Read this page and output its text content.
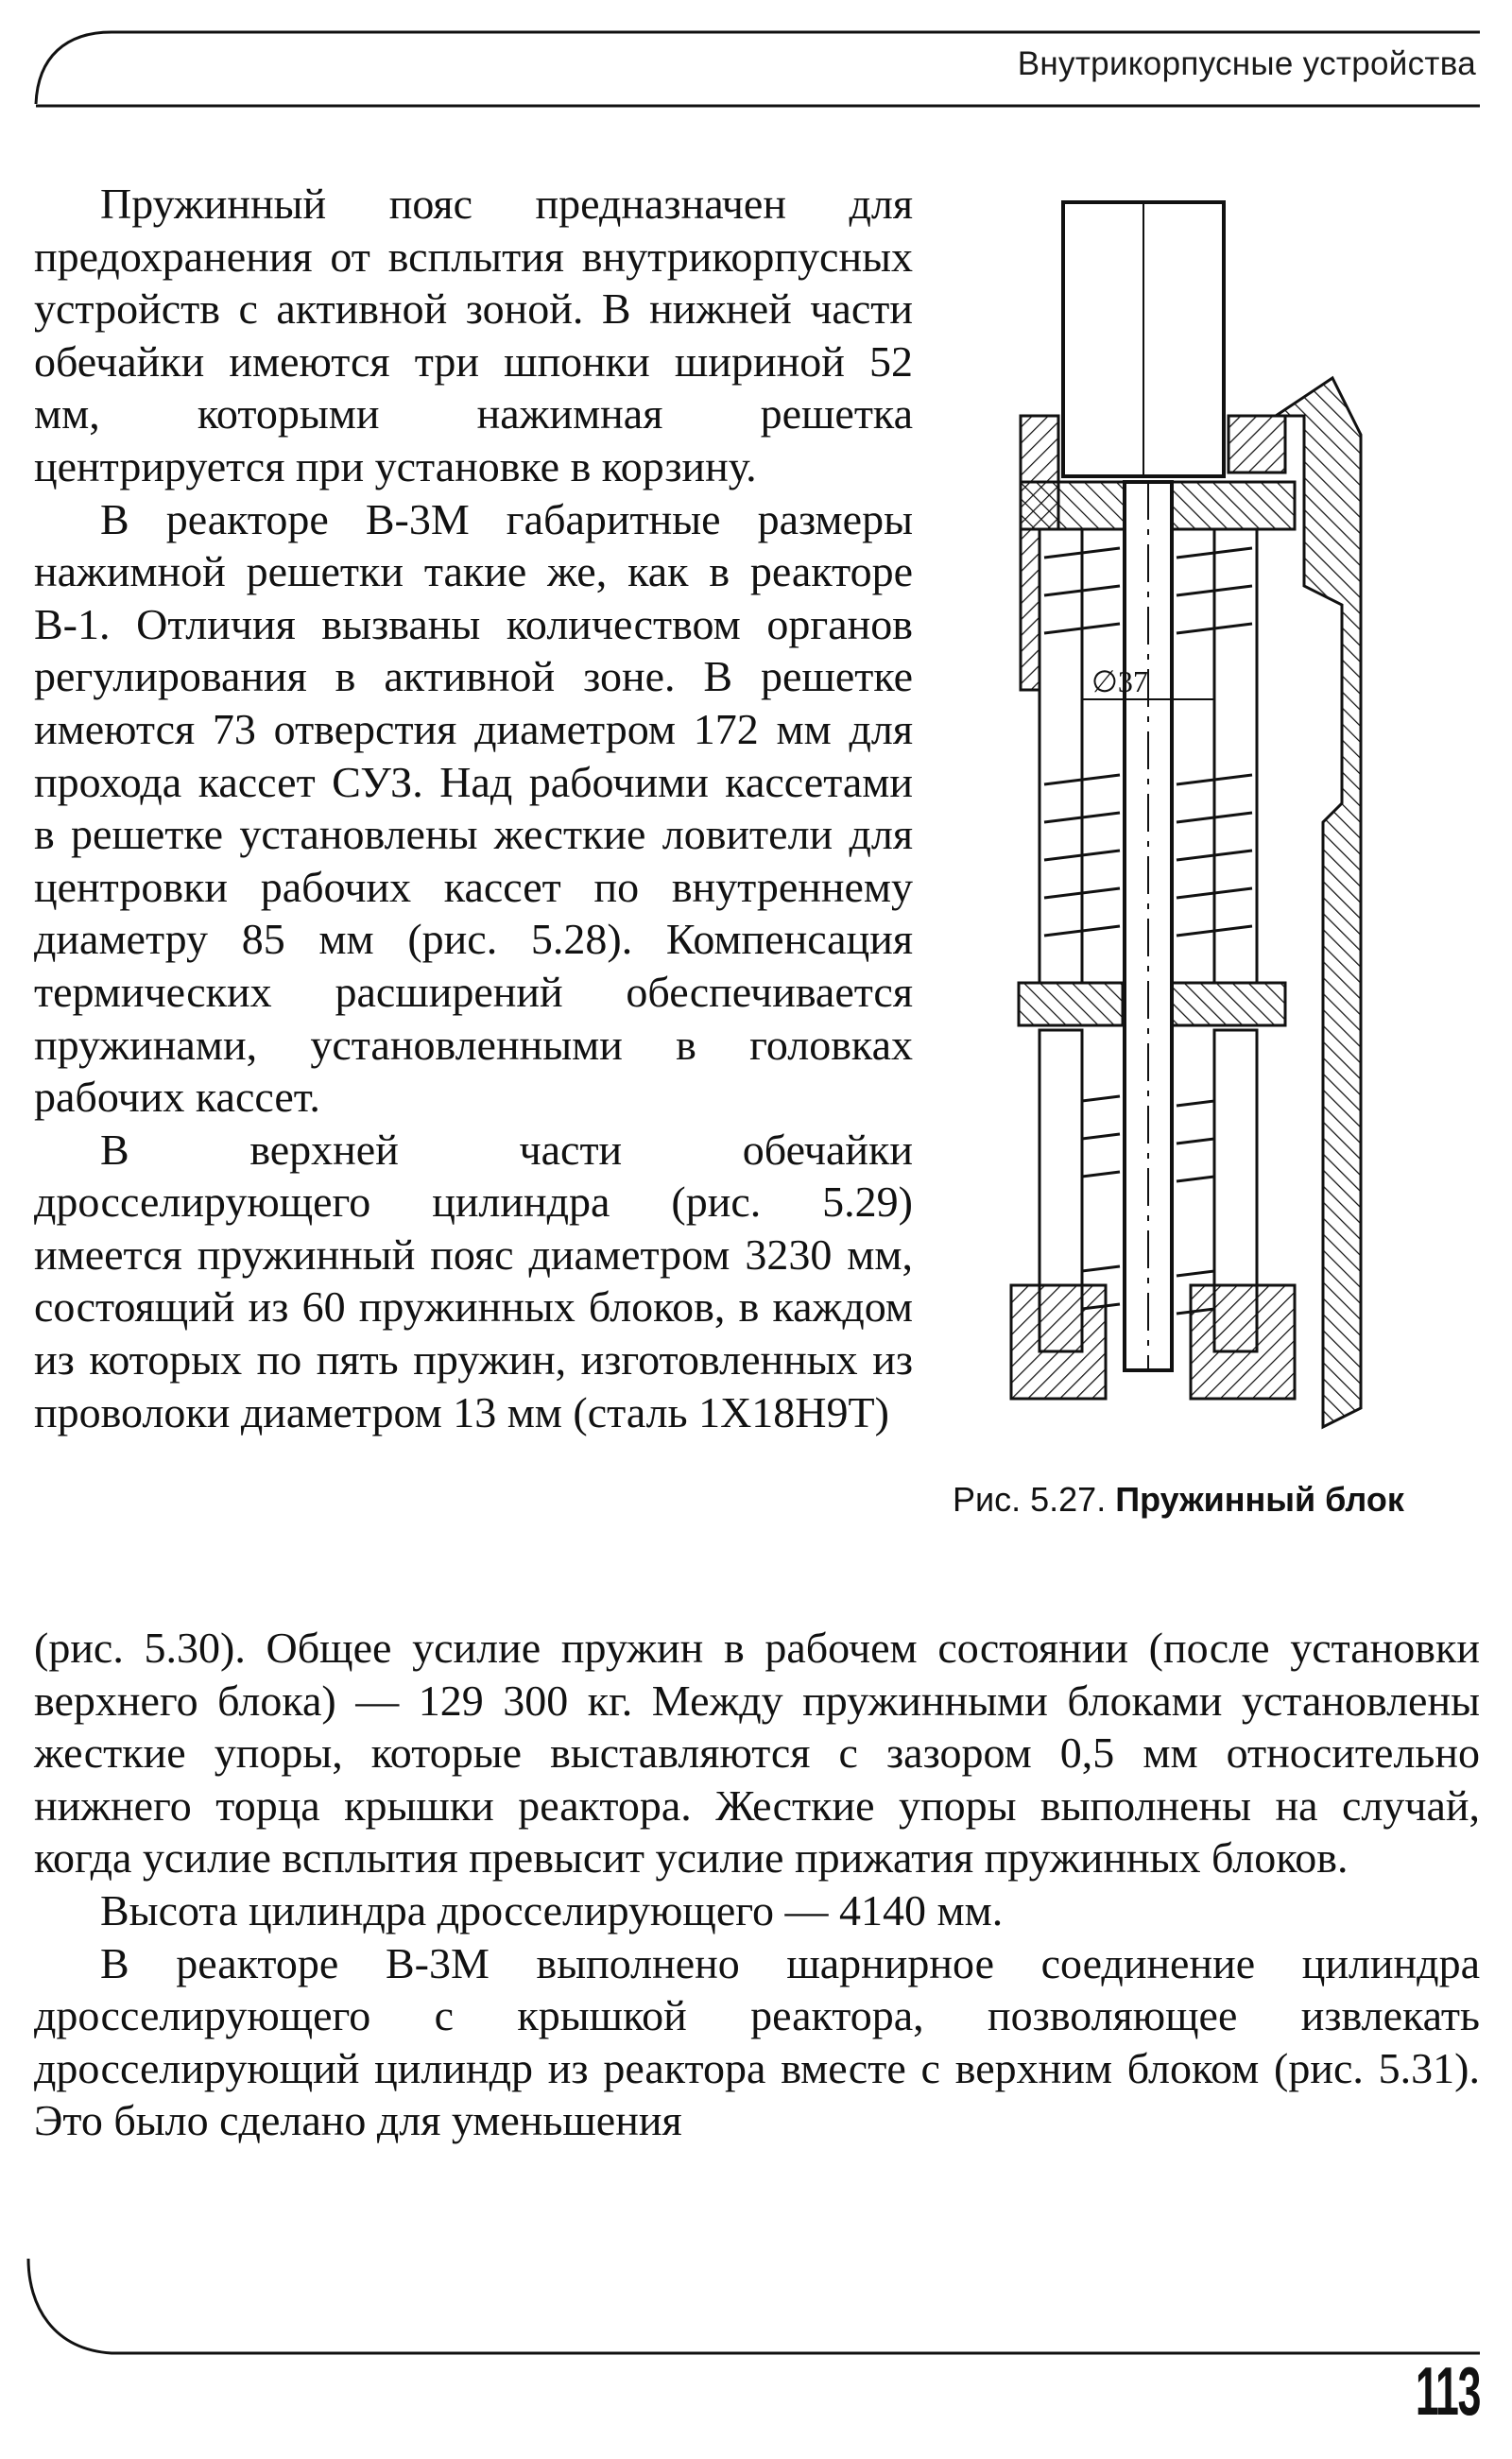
Внутрикорпусные устройства

Пружинный пояс предназначен для предохранения от всплытия внутрикорпусных устройств с активной зоной. В нижней части обечайки имеются три шпонки шириной 52 мм, которыми нажимная решетка центрируется при установке в корзину.

В реакторе В-3М габаритные размеры нажимной решетки такие же, как в реакторе В-1. Отличия вызваны количеством органов регулирования в активной зоне. В решетке имеются 73 отверстия диаметром 172 мм для прохода кассет СУЗ. Над рабочими кассетами в решетке установлены жесткие ловители для центровки рабочих кассет по внутреннему диаметру 85 мм (рис. 5.28). Компенсация термических расширений обеспечивается пружинами, установленными в головках рабочих кассет.

В верхней части обечайки дросселирующего цилиндра (рис. 5.29) имеется пружинный пояс диаметром 3230 мм, состоящий из 60 пружинных блоков, в каждом из которых по пять пружин, изготовленных из проволоки диаметром 13 мм (сталь 1Х18Н9Т)

∅37
Рис. 5.27. Пружинный блок

(рис. 5.30). Общее усилие пружин в рабочем состоянии (после установки верхнего блока) — 129 300 кг. Между пружинными блоками установлены жесткие упоры, которые выставляются с зазором 0,5 мм относительно нижнего торца крышки реактора. Жесткие упоры выполнены на случай, когда усилие всплытия превысит усилие прижатия пружинных блоков.

Высота цилиндра дросселирующего — 4140 мм.

В реакторе В-3М выполнено шарнирное соединение цилиндра дросселирующего с крышкой реактора, позволяющее извлекать дросселирующий цилиндр из реактора вместе с верхним блоком (рис. 5.31). Это было сделано для уменьшения

113
